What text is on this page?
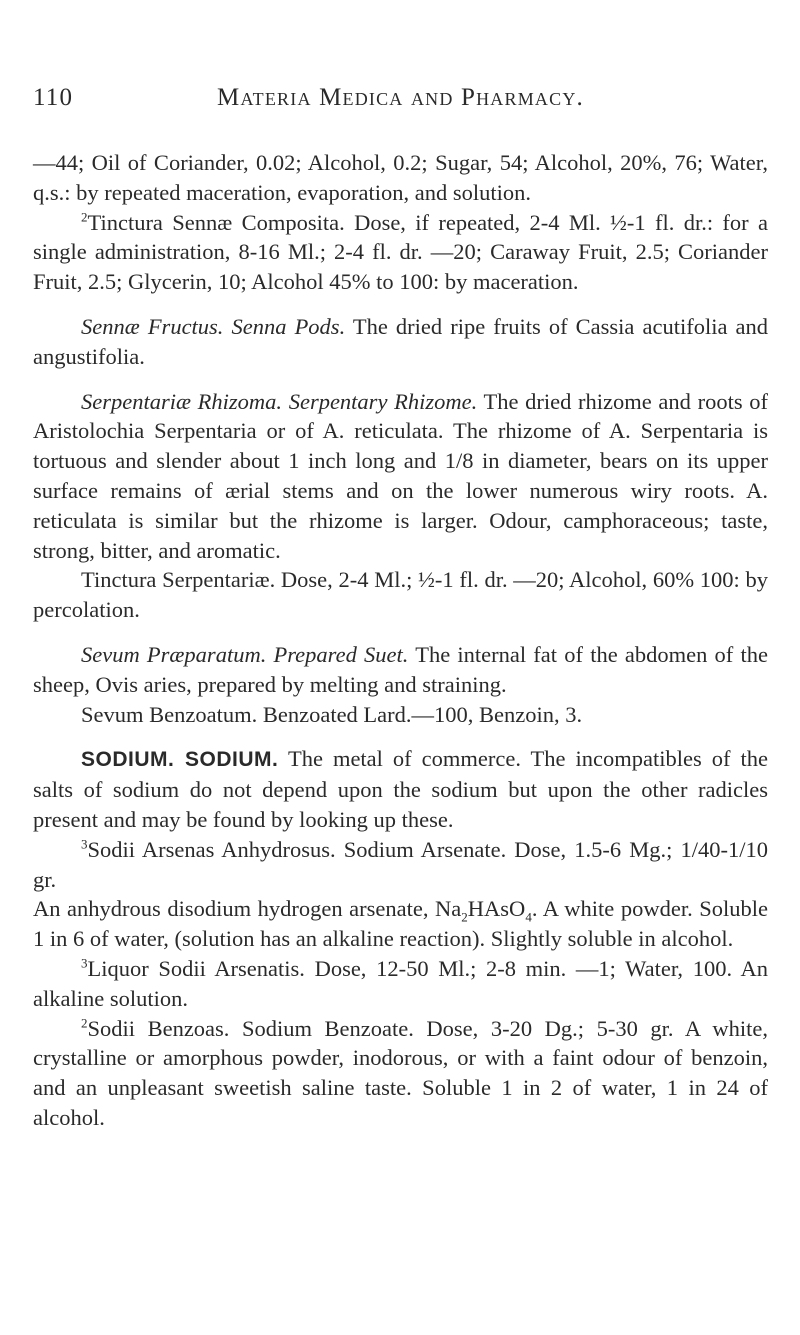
110	Materia Medica and Pharmacy.

—44; Oil of Coriander, 0.02; Alcohol, 0.2; Sugar, 54; Alcohol, 20%, 76; Water, q.s.: by repeated maceration, evaporation, and solution.

$^2$Tinctura Sennæ Composita. Dose, if repeated, 2-4 Ml. ½-1 fl. dr.: for a single administration, 8-16 Ml.; 2-4 fl. dr. —20; Caraway Fruit, 2.5; Coriander Fruit, 2.5; Glycerin, 10; Alcohol 45% to 100: by maceration.

Sennæ Fructus. Senna Pods. The dried ripe fruits of Cassia acutifolia and angustifolia.

Serpentariæ Rhizoma. Serpentary Rhizome. The dried rhizome and roots of Aristolochia Serpentaria or of A. reticulata. The rhizome of A. Serpentaria is tortuous and slender about 1 inch long and 1/8 in diameter, bears on its upper surface remains of ærial stems and on the lower numerous wiry roots. A. reticulata is similar but the rhizome is larger. Odour, camphoraceous; taste, strong, bitter, and aromatic.

Tinctura Serpentariæ. Dose, 2-4 Ml.; ½-1 fl. dr. —20; Alcohol, 60% 100: by percolation.

Sevum Præparatum. Prepared Suet. The internal fat of the abdomen of the sheep, Ovis aries, prepared by melting and straining.

Sevum Benzoatum. Benzoated Lard.—100, Benzoin, 3.

SODIUM. SODIUM. The metal of commerce. The incompatibles of the salts of sodium do not depend upon the sodium but upon the other radicles present and may be found by looking up these.

$^3$Sodii Arsenas Anhydrosus. Sodium Arsenate. Dose, 1.5-6 Mg.; 1/40-1/10 gr.

An anhydrous disodium hydrogen arsenate, $Na_2HAsO_4$. A white powder. Soluble 1 in 6 of water, (solution has an alkaline reaction). Slightly soluble in alcohol.

$^3$Liquor Sodii Arsenatis. Dose, 12-50 Ml.; 2-8 min. —1; Water, 100. An alkaline solution.

$^2$Sodii Benzoas. Sodium Benzoate. Dose, 3-20 Dg.; 5-30 gr. A white, crystalline or amorphous powder, inodorous, or with a faint odour of benzoin, and an unpleasant sweetish saline taste. Soluble 1 in 2 of water, 1 in 24 of alcohol.
